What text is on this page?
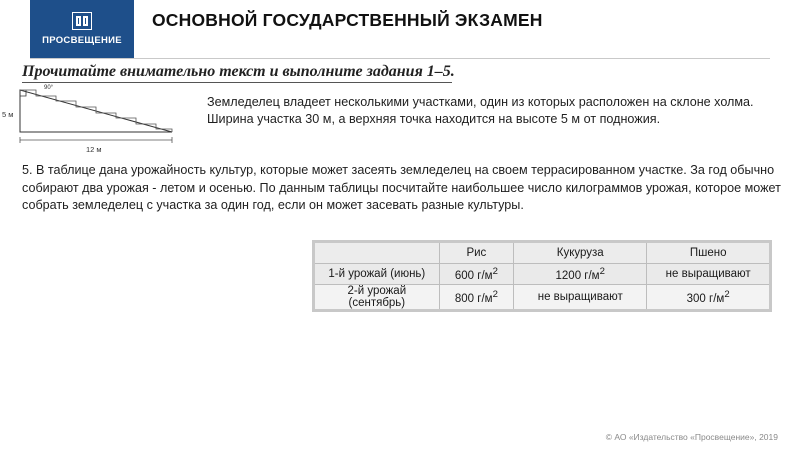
ПРОСВЕЩЕНИЕ
ОСНОВНОЙ ГОСУДАРСТВЕННЫЙ ЭКЗАМЕН
Прочитайте внимательно текст и выполните задания 1–5.
90°
5 м
12 м
Земледелец владеет несколькими участками, один из которых расположен на склоне холма. Ширина участка 30 м, а верхняя точка находится на высоте 5 м от подножия.
5. В таблице дана урожайность культур, которые может засеять земледелец на своем террасированном участке. За год обычно собирают два урожая - летом и осенью. По данным таблицы посчитайте наибольшее число килограммов урожая, которое может собрать земледелец с участка за один год, если он может засевать разные культуры.
	Рис	Кукуруза	Пшено
1-й урожай (июнь)	600 $г/м^2$	1200 $г/м^2$	не выращивают
2-й урожай (сентябрь)	800 $г/м^2$	не выращивают	300 $г/м^2$
© АО «Издательство «Просвещение», 2019
